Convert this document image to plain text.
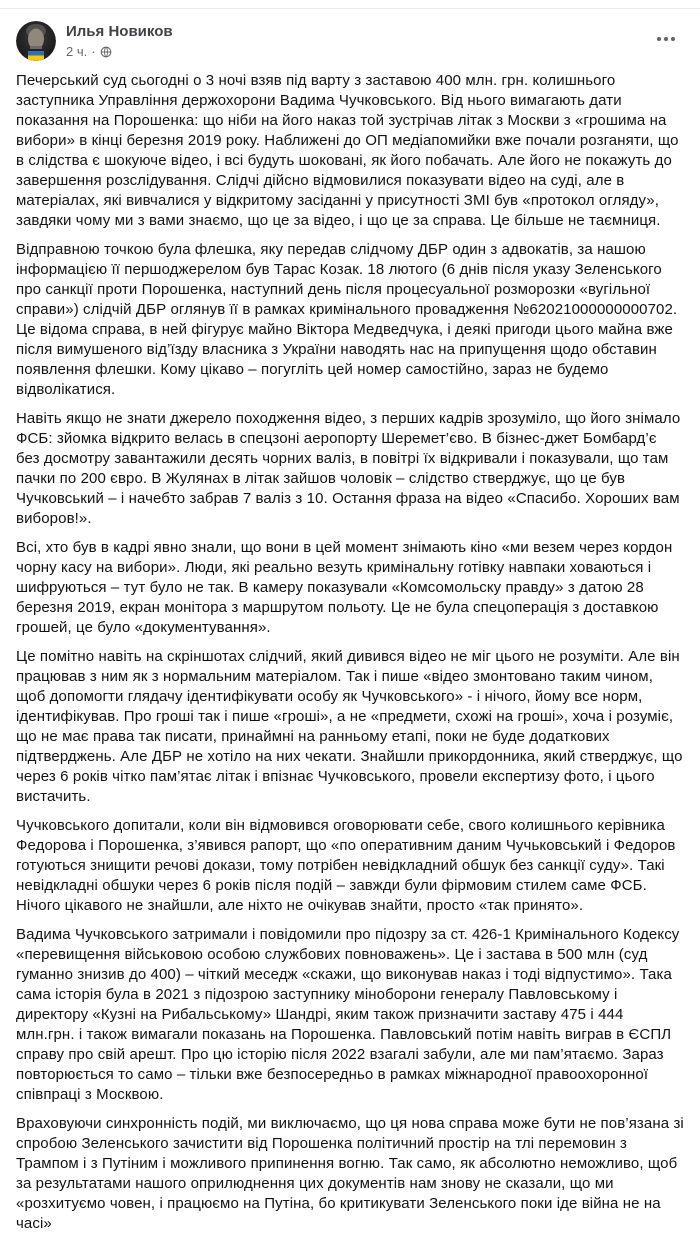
Илья Новиков
2 ч. ·

Печерський суд сьогодні о 3 ночі взяв під варту з заставою 400 млн. грн. колишнього заступника Управління держохорони Вадима Чучковського. Від нього вимагають дати показання на Порошенка: що ніби на його наказ той зустрічав літак з Москви з «грошима на вибори» в кінці березня 2019 року. Наближені до ОП медіапомийки вже почали розганяти, що в слідства є шокуюче відео, і всі будуть шоковані, як його побачать. Але його не покажуть до завершення розслідування. Слідчі дійсно відмовилися показувати відео на суді, але в матеріалах, які вивчалися у відкритому засіданні у присутності ЗМІ був «протокол огляду», завдяки чому ми з вами знаємо, що це за відео, і що це за справа. Це більше не таємниця.

Відправною точкою була флешка, яку передав слідчому ДБР один з адвокатів, за нашою інформацією її першоджерелом був Тарас Козак. 18 лютого (6 днів після указу Зеленського про санкції проти Порошенка, наступний день після процесуальної розморозки «вугільної справи») слідчій ДБР оглянув її в рамках кримінального провадження №62021000000000702. Це відома справа, в ней фігурує майно Віктора Медведчука, і деякі пригоди цього майна вже після вимушеного від’їзду власника з України наводять нас на припущення щодо обставин появлення флешки. Кому цікаво – погугліть цей номер самостійно, зараз не будемо відволікатися.

Навіть якщо не знати джерело походження відео, з перших кадрів зрозуміло, що його знімало ФСБ: зйомка відкрито велась в спецзоні аеропорту Шеремет’єво. В бізнес-джет Бомбард’є без досмотру завантажили десять чорних валіз, в повітрі їх відкривали і показували, що там пачки по 200 євро. В Жулянах в літак зайшов чоловік – слідство стверджує, що це був Чучковський – і начебто забрав 7 валіз з 10. Остання фраза на відео «Спасибо. Хороших вам виборов!».

Всі, хто був в кадрі явно знали, що вони в цей момент знімають кіно «ми везем через кордон чорну касу на вибори». Люди, які реально везуть кримінальну готівку навпаки ховаються і шифруються – тут було не так. В камеру показували «Комсомольску правду» з датою 28 березня 2019, екран монітора з маршрутом польоту. Це не була спецоперація з доставкою грошей, це було «документування».

Це помітно навіть на скріншотах слідчий, який дивився відео не міг цього не розуміти. Але він працював з ним як з нормальним матеріалом. Так і пише «відео змонтовано таким чином, щоб допомогти глядачу ідентифікувати особу як Чучковського» - і нічого, йому все норм, ідентифікував. Про гроші так і пише «гроші», а не «предмети, схожі на гроші», хоча і розуміє, що не має права так писати, принаймні на ранньому етапі, поки не буде додаткових підтверджень. Але ДБР не хотіло на них чекати. Знайшли прикордонника, який стверджує, що через 6 років чітко пам’ятає літак і впізнає Чучковського, провели експертизу фото, і цього вистачить.

Чучковського допитали, коли він відмовився оговорювати себе, свого колишнього керівника Федорова і Порошенка, з’явився рапорт, що «по оперативним даним Чучьковський і Федоров готуються знищити речові докази, тому потрібен невідкладний обшук без санкції суду». Такі невідкладні обшуки через 6 років після подій – завжди були фірмовим стилем саме ФСБ. Нічого цікавого не знайшли, але ніхто не очікував знайти, просто «так принято».

Вадима Чучковського затримали і повідомили про підозру за ст. 426-1 Кримінального Кодексу «перевищення військовою особою службових повноважень». Це і застава в 500 млн (суд гуманно знизив до 400) – чіткий меседж «скажи, що виконував наказ і тоді відпустимо». Така сама історія була в 2021 з підозрою заступнику міноборони генералу Павловському і директору «Кузні на Рибальському» Шандрі, яким також призначити заставу 475 і 444 млн.грн. і також вимагали показань на Порошенка. Павловський потім навіть виграв в ЄСПЛ справу про свій арешт. Про цю історію після 2022 взагалі забули, але ми пам’ятаємо. Зараз повторюється то само – тільки вже безпосередньо в рамках міжнародної правоохоронної співпраці з Москвою.

Враховуючи синхронність подій, ми виключаємо, що ця нова справа може бути не пов’язана зі спробою Зеленського зачистити від Порошенка політичний простір на тлі перемовин з Трампом і з Путіним і можливого припинення вогню. Так само, як абсолютно неможливо, щоб за результатами нашого оприлюднення цих документів нам знову не сказали, що ми «розхитуємо човен, і працюємо на Путіна, бо критикувати Зеленського поки іде війна не на часі»
